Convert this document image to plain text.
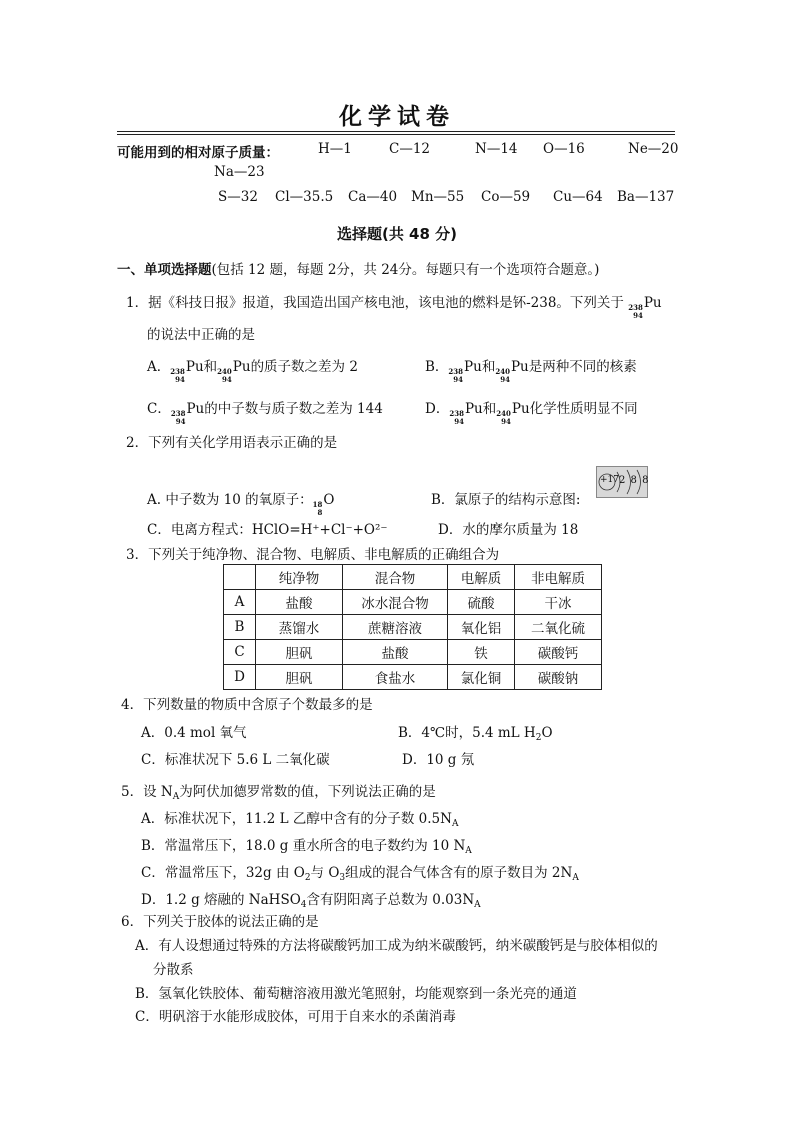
化学试卷
可能用到的相对原子质量：	H—1	C—12	N—14 O—16	Ne—20
Na—23
S—32 Cl—35.5 Ca—40 Mn—55 Co—59 Cu—64 Ba—137
选择题(共 48 分)
一、单项选择题(包括 12 题，每题 2分，共 24分。每题只有一个选项符合题意。)
1．据《科技日报》报道，我国造出国产核电池，该电池的燃料是钚-238。下列关于 238
94
Pu
的说法中正确的是
A． 238
94
Pu和 240
94
Pu的质子数之差为 2	B． 238
94
Pu和 240
94
Pu是两种不同的核素
C． 238
94
Pu的中子数与质子数之差为 144	D． 238
94
Pu和 240
94
Pu化学性质明显不同
2．下列有关化学用语表示正确的是
A. 中子数为 10 的氧原子： 18
8
O	B．氯原子的结构示意图:
+17 2 8 8
C．电离方程式：HClO=H⁺+Cl⁻+O²⁻	D．水的摩尔质量为 18
3．下列关于纯净物、混合物、电解质、非电解质的正确组合为
	纯净物	混合物	电解质	非电解质
A	盐酸	冰水混合物	硫酸	干冰
B	蒸馏水	蔗糖溶液	氧化铝	二氧化硫
C	胆矾	盐酸	铁	碳酸钙
D	胆矾	食盐水	氯化铜	碳酸钠
4．下列数量的物质中含原子个数最多的是
A．0.4 mol 氧气	B．4℃时，5.4 mL $H_2O$
C．标准状况下 5.6 L 二氧化碳	D．10 g 氖
5．设 $N_A$为阿伏加德罗常数的值，下列说法正确的是
A．标准状况下，11.2 L 乙醇中含有的分子数 $0.5N_A$
B．常温常压下，18.0 g 重水所含的电子数约为 10 $N_A$
C．常温常压下，32g 由 $O_2$与 $O_3$组成的混合气体含有的原子数目为 $2N_A$
D．1.2 g 熔融的 NaHSO$_4$含有阴阳离子总数为 $0.03N_A$
6．下列关于胶体的说法正确的是
A．有人设想通过特殊的方法将碳酸钙加工成为纳米碳酸钙，纳米碳酸钙是与胶体相似的
分散系
B．氢氧化铁胶体、葡萄糖溶液用激光笔照射，均能观察到一条光亮的通道
C．明矾溶于水能形成胶体，可用于自来水的杀菌消毒
